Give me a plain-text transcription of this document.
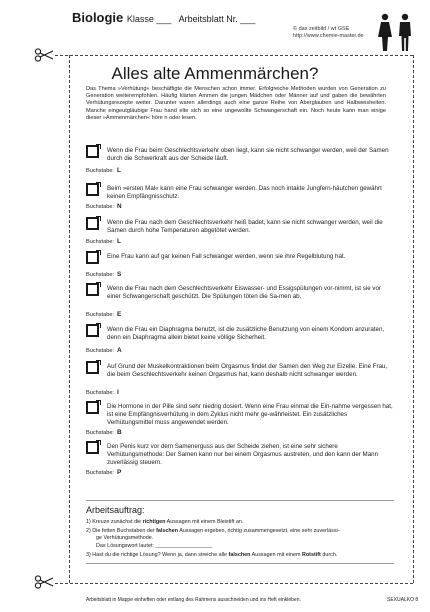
Biologie Klasse ___ Arbeitsblatt Nr. ___
© das zeitbild / wt GSE
http://www.chemie-master.de
Alles alte Ammenmärchen?
Das Thema »Verhütung« beschäftigte die Menschen schon immer. Erfolgreiche Methoden wurden von Generation zu Generation weiterempfohlen. Häufig klärten Ammen die jungen Mädchen oder Männer auf und gaben die bewährten Verhütungsrezepte weiter. Darunter waren allerdings auch eine ganze Reihe von Aberglauben und Halbweisheiten. Manche eingeutgläubige Frau hand elte sich so eine ungewollte Schwangerschaft ein. Noch heute kann man einige dieser »Ammenmärchen« höre n oder lesen.
Wenn die Frau beim Geschlechtsverkehr oben liegt, kann sie nicht schwanger werden, weil der Samen durch die Schwerkraft aus der Scheide läuft.
Buchstabe: L
Beim »ersten Mal« kann eine Frau schwanger werden. Das noch intakte Jungfern-häutchen gewährt keinen Empfängnisschutz.
Buchstabe: N
Wenn die Frau nach dem Geschlechtsverkehr heiß badet, kann sie nicht schwanger werden, weil die Samen durch hohe Temperaturen abgetötet werden.
Buchstabe: L
Eine Frau kann auf gar keinen Fall schwanger werden, wenn sie ihre Regelblutung hat.
Buchstabe: S
Wenn die Frau nach dem Geschlechtsverkehr Eiswasser- und Essigspülungen vor-nimmt, ist sie vor einer Schwangerschaft geschützt. Die Spülungen töten die Sa-men ab.
Buchstabe: E
Wenn die Frau ein Diaphragma benutzt, ist die zusätzliche Benutzung von einem Kondom anzuraten, denn ein Diaphragma allein bietet keine völlige Sicherheit.
Buchstabe: A
Auf Grund der Muskelkontraktionen beim Orgasmus findet der Samen den Weg zur Eizelle. Eine Frau, die beim Geschlechtsverkehr keinen Orgasmus hat, kann deshalb nicht schwanger werden.
Buchstabe: I
Die Hormone in der Pille sind sehr niedrig dosiert. Wenn eine Frau einmal die Ein-nahme vergessen hat, ist eine Empfängnisverhütung in dem Zyklus nicht mehr ge-währleistet. Ein zusätzliches Verhütungsmittel muss angewendet werden.
Buchstabe: B
Den Penis kurz vor dem Samenerguss aus der Scheide ziehen, ist eine sehr sichere Verhütungsmethode: Der Samen kann nur bei einem Orgasmus austreten, und den kann der Mann zuverlässig steuern.
Buchstabe: P
Arbeitsauftrag:
1) Kreuze zunächst die richtigen Aussagen mit einem Bleistift an.
2) Die fetten Buchstaben der falschen Aussagen ergeben, richtig zusammengesetzt, eine sehr zuverlässi-
ge Verhütungsmethode.
Das Lösungswort lautet: ___________________
3) Hast du die richtige Lösung? Wenn ja, dann streiche alle falschen Aussagen mit einem Rotstift durch.
Arbeitsblatt in Mappe einheften oder entlang des Rahmens ausschneiden und ins Heft einkleben.	SEXUALKO 8
